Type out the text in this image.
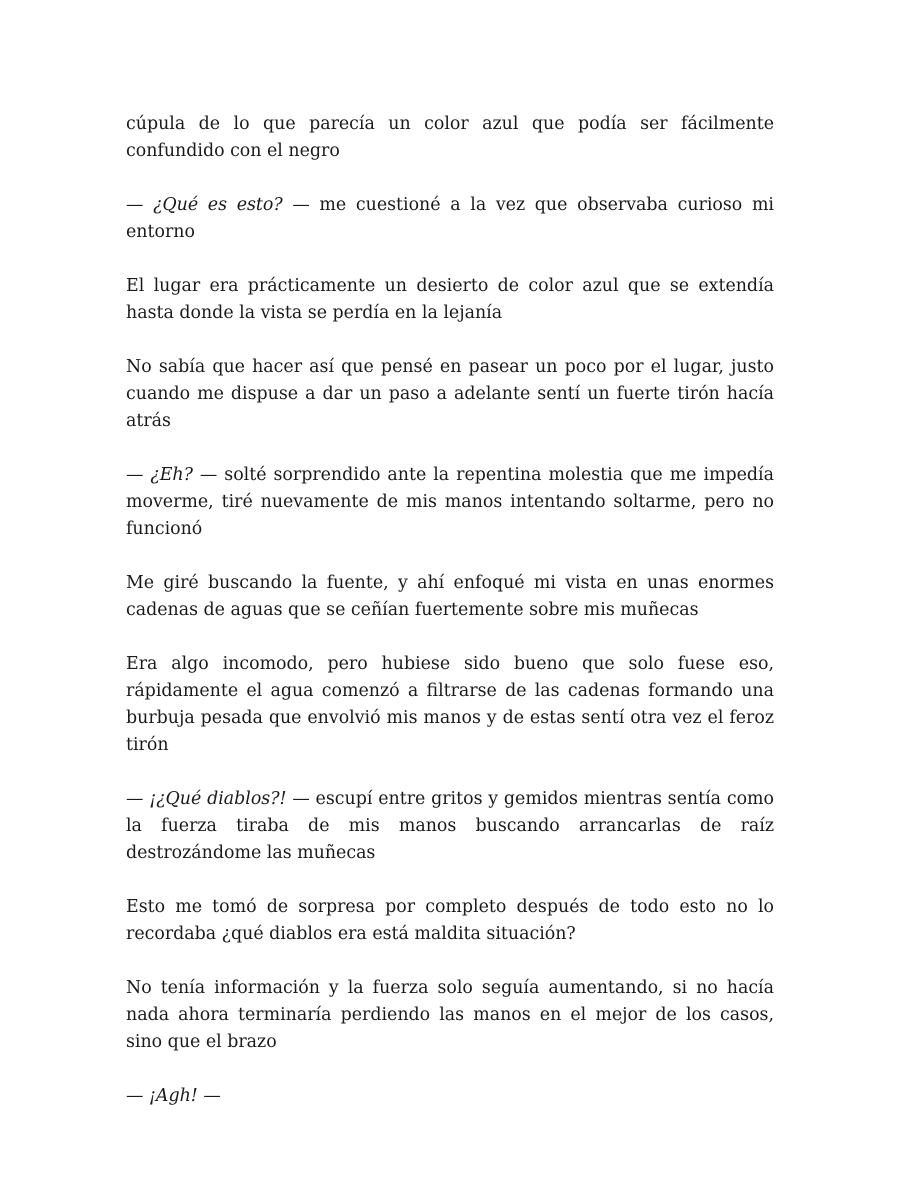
cúpula de lo que parecía un color azul que podía ser fácilmente confundido con el negro

— ¿Qué es esto? — me cuestioné a la vez que observaba curioso mi entorno

El lugar era prácticamente un desierto de color azul que se extendía hasta donde la vista se perdía en la lejanía

No sabía que hacer así que pensé en pasear un poco por el lugar, justo cuando me dispuse a dar un paso a adelante sentí un fuerte tirón hacía atrás

— ¿Eh? — solté sorprendido ante la repentina molestia que me impedía moverme, tiré nuevamente de mis manos intentando soltarme, pero no funcionó

Me giré buscando la fuente, y ahí enfoqué mi vista en unas enormes cadenas de aguas que se ceñían fuertemente sobre mis muñecas

Era algo incomodo, pero hubiese sido bueno que solo fuese eso, rápidamente el agua comenzó a filtrarse de las cadenas formando una burbuja pesada que envolvió mis manos y de estas sentí otra vez el feroz tirón

— ¡¿Qué diablos?! — escupí entre gritos y gemidos mientras sentía como la fuerza tiraba de mis manos buscando arrancarlas de raíz destrozándome las muñecas

Esto me tomó de sorpresa por completo después de todo esto no lo recordaba ¿qué diablos era está maldita situación?

No tenía información y la fuerza solo seguía aumentando, si no hacía nada ahora terminaría perdiendo las manos en el mejor de los casos, sino que el brazo

— ¡Agh! —
